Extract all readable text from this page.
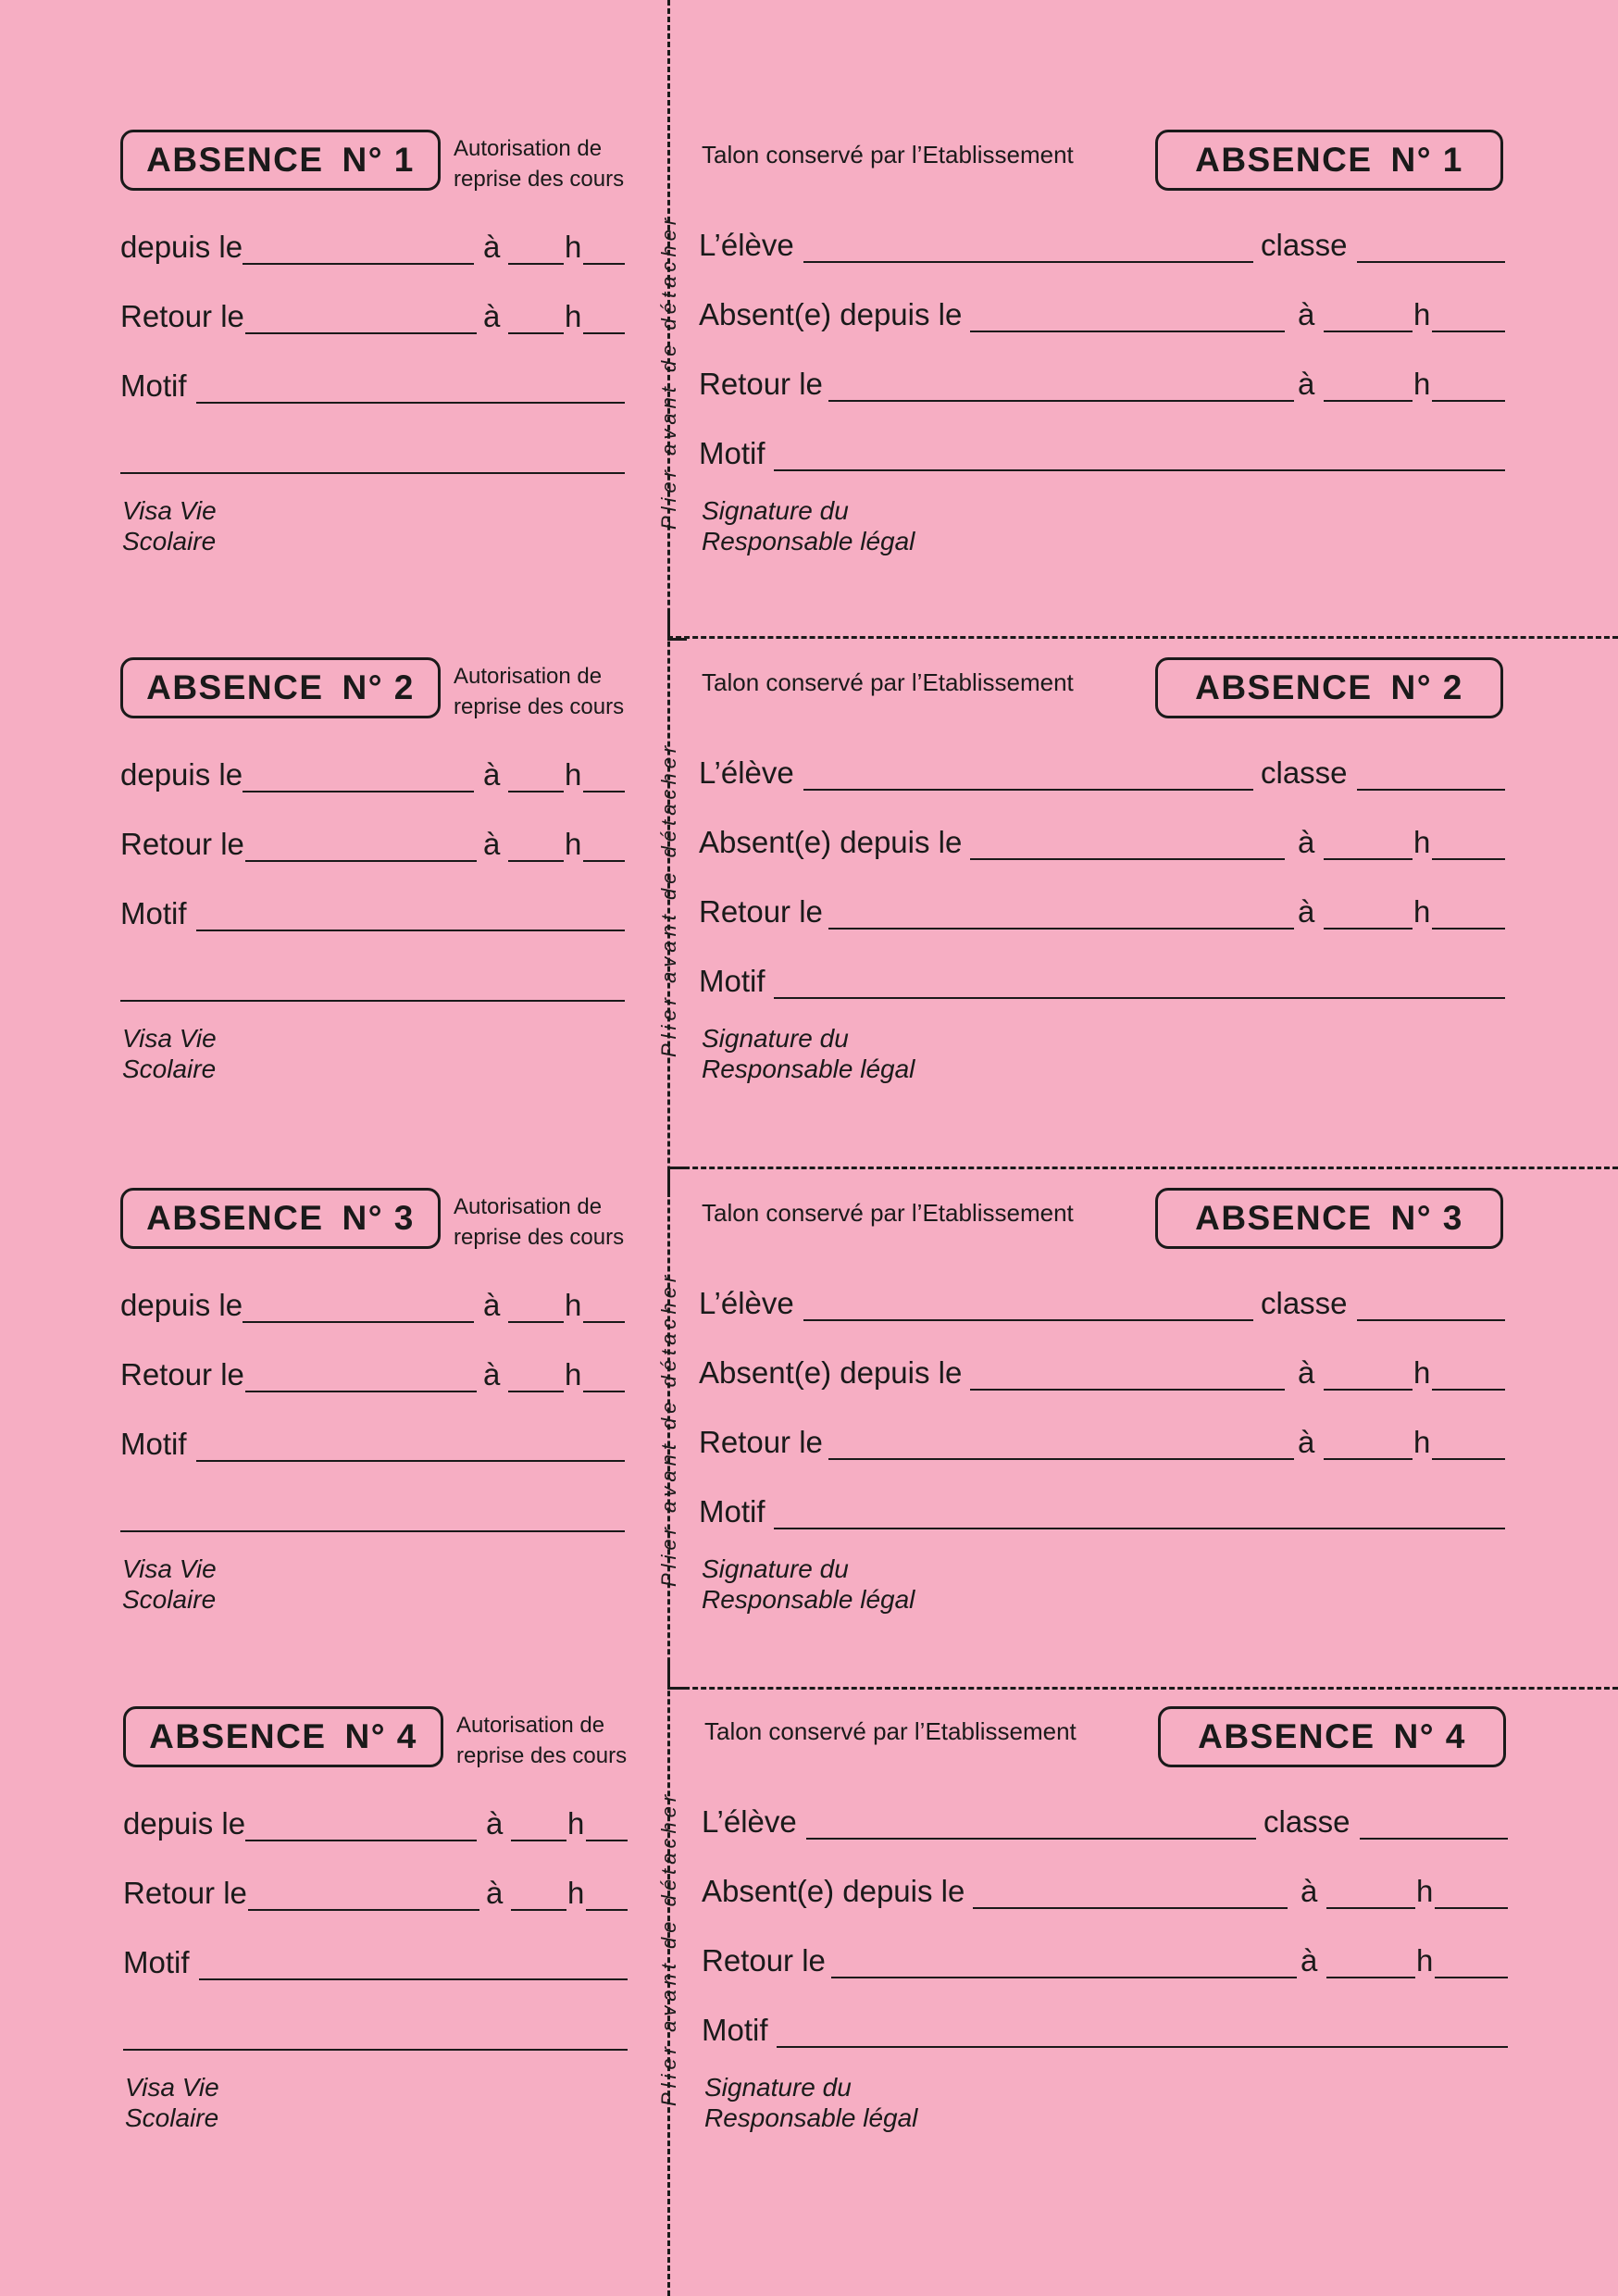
Plier avant de détacher
Plier avant de détacher
Plier avant de détacher
Plier avant de détacher
ABSENCE N° 1 Autorisation de
reprise des cours
Talon conservé par l’Etablissement	ABSENCE N° 1
depuis le	à h
Retour le	à h
Motif
Visa Vie
Scolaire
L’élève	classe
Absent(e) depuis le	à	h
Retour le	à	h
Motif
Signature du
Responsable légal
ABSENCE N° 2 Autorisation de
reprise des cours
Talon conservé par l’Etablissement	ABSENCE N° 2
depuis le	à h
Retour le	à h
Motif
Visa Vie
Scolaire
L’élève	classe
Absent(e) depuis le	à	h
Retour le	à	h
Motif
Signature du
Responsable légal
ABSENCE N° 3 Autorisation de
reprise des cours
Talon conservé par l’Etablissement	ABSENCE N° 3
depuis le	à h
Retour le	à h
Motif
Visa Vie
Scolaire
L’élève	classe
Absent(e) depuis le	à	h
Retour le	à	h
Motif
Signature du
Responsable légal
ABSENCE N° 4 Autorisation de
reprise des cours
Talon conservé par l’Etablissement	ABSENCE N° 4
depuis le	à h
Retour le	à h
Motif
Visa Vie
Scolaire
L’élève	classe
Absent(e) depuis le	à	h
Retour le	à	h
Motif
Signature du
Responsable légal
